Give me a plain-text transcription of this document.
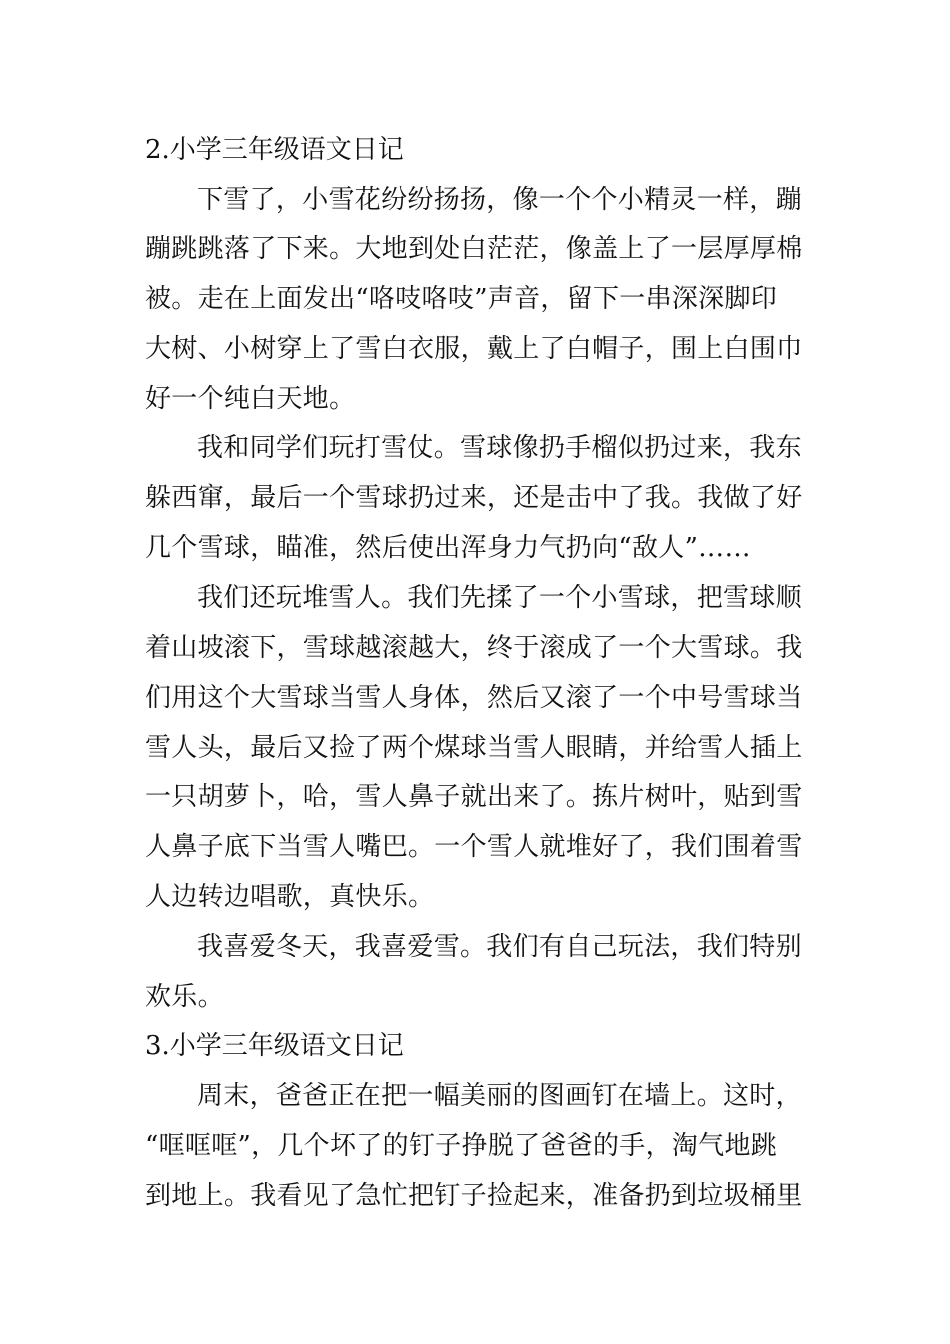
2.小学三年级语文日记
下雪了，小雪花纷纷扬扬，像一个个小精灵一样，蹦
蹦跳跳落了下来。大地到处白茫茫，像盖上了一层厚厚棉
被。走在上面发出“咯吱咯吱”声音，留下一串深深脚印
大树、小树穿上了雪白衣服，戴上了白帽子，围上白围巾
好一个纯白天地。
我和同学们玩打雪仗。雪球像扔手榴似扔过来，我东
躲西窜，最后一个雪球扔过来，还是击中了我。我做了好
几个雪球，瞄准，然后使出浑身力气扔向“敌人”……
我们还玩堆雪人。我们先揉了一个小雪球，把雪球顺
着山坡滚下，雪球越滚越大，终于滚成了一个大雪球。我
们用这个大雪球当雪人身体，然后又滚了一个中号雪球当
雪人头，最后又捡了两个煤球当雪人眼睛，并给雪人插上
一只胡萝卜，哈，雪人鼻子就出来了。拣片树叶，贴到雪
人鼻子底下当雪人嘴巴。一个雪人就堆好了，我们围着雪
人边转边唱歌，真快乐。
我喜爱冬天，我喜爱雪。我们有自己玩法，我们特别
欢乐。
3.小学三年级语文日记
周末，爸爸正在把一幅美丽的图画钉在墙上。这时，
“哐哐哐”，几个坏了的钉子挣脱了爸爸的手，淘气地跳
到地上。我看见了急忙把钉子捡起来，准备扔到垃圾桶里
